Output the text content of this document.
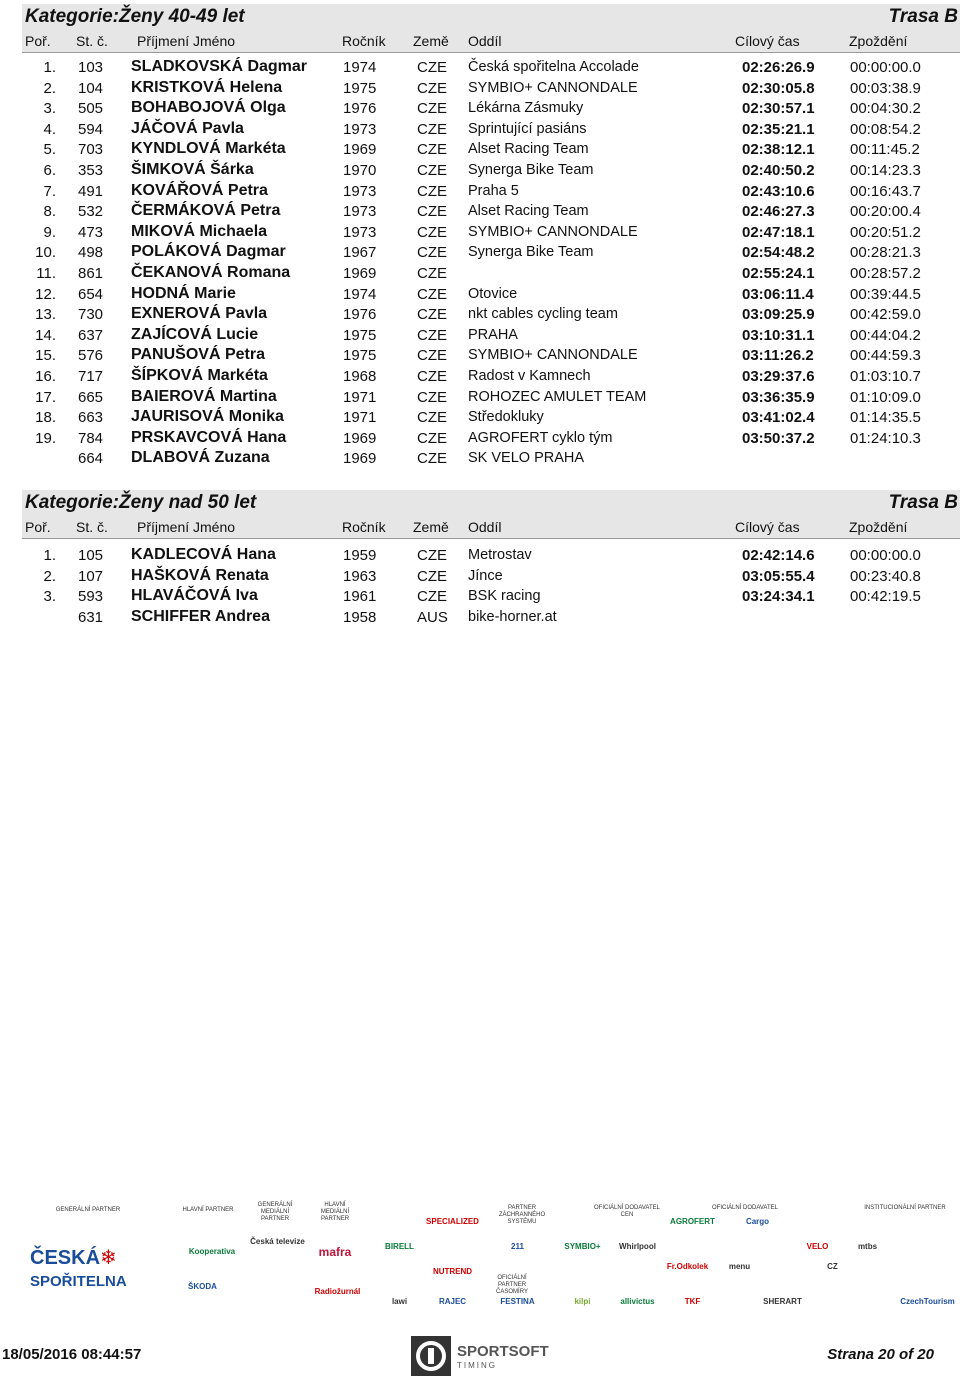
Kategorie:Ženy 40-49 let	Trasa B
Poř. St. č. Příjmení Jméno	Ročník Země Oddíl	Cílový čas	Zpoždění
1. 103 SLADKOVSKÁ Dagmar 1974	CZE Česká spořitelna Accolade	02:26:26.9 00:00:00.0
2. 104 KRISTKOVÁ Helena	1975	CZE SYMBIO+ CANNONDALE	02:30:05.8 00:03:38.9
3. 505 BOHABOJOVÁ Olga	1976	CZE Lékárna Zásmuky	02:30:57.1 00:04:30.2
4. 594 JÁČOVÁ Pavla	1973	CZE Sprintující pasiáns	02:35:21.1 00:08:54.2
5. 703 KYNDLOVÁ Markéta	1969	CZE Alset Racing Team	02:38:12.1 00:11:45.2
6. 353 ŠIMKOVÁ Šárka	1970	CZE Synerga Bike Team	02:40:50.2 00:14:23.3
7. 491 KOVÁŘOVÁ Petra	1973	CZE Praha 5	02:43:10.6 00:16:43.7
8. 532 ČERMÁKOVÁ Petra	1973	CZE Alset Racing Team	02:46:27.3 00:20:00.4
9. 473 MIKOVÁ Michaela	1973	CZE SYMBIO+ CANNONDALE	02:47:18.1 00:20:51.2
10. 498 POLÁKOVÁ Dagmar	1967	CZE Synerga Bike Team	02:54:48.2 00:28:21.3
11. 861 ČEKANOVÁ Romana	1969	CZE	02:55:24.1 00:28:57.2
12. 654 HODNÁ Marie	1974	CZE Otovice	03:06:11.4 00:39:44.5
13. 730 EXNEROVÁ Pavla	1976	CZE nkt cables cycling team	03:09:25.9 00:42:59.0
14. 637 ZAJÍCOVÁ Lucie	1975	CZE PRAHA	03:10:31.1 00:44:04.2
15. 576 PANUŠOVÁ Petra	1975	CZE SYMBIO+ CANNONDALE	03:11:26.2 00:44:59.3
16. 717 ŠÍPKOVÁ Markéta	1968	CZE Radost v Kamnech	03:29:37.6 01:03:10.7
17. 665 BAIEROVÁ Martina	1971	CZE ROHOZEC AMULET TEAM	03:36:35.9 01:10:09.0
18. 663 JAURISOVÁ Monika	1971	CZE Středokluky	03:41:02.4 01:14:35.5
19. 784 PRSKAVCOVÁ Hana	1969	CZE AGROFERT cyklo tým	03:50:37.2 01:24:10.3
664 DLABOVÁ Zuzana	1969	CZE SK VELO PRAHA
Kategorie:Ženy nad 50 let	Trasa B
Poř. St. č. Příjmení Jméno	Ročník Země Oddíl	Cílový čas	Zpoždění
1. 105 KADLECOVÁ Hana	1959	CZE Metrostav	02:42:14.6 00:00:00.0
2. 107 HAŠKOVÁ Renata	1963	CZE Jínce	03:05:55.4 00:23:40.8
3. 593 HLAVÁČOVÁ Iva	1961	CZE BSK racing	03:24:34.1 00:42:19.5
631 SCHIFFER Andrea	1958	AUS bike-horner.at
GENERÁLNÍ PARTNER
ČESKÁ❄
SPOŘITELNA
HLAVNÍ PARTNER
Kooperativa
GENERÁLNÍ MEDIÁLNÍ PARTNER
HLAVNÍ MEDIÁLNÍ PARTNER
mafra
PARTNER ZÁCHRANNÉHO SYSTÉMU
OFICIÁLNÍ DODAVATEL CEN
OFICIÁLNÍ DODAVATEL
OFICIÁLNÍ PARTNER ČASOMÍRY
INSTITUCIONÁLNÍ PARTNER
ŠKODA
Česká televize
Radiožurnál
lawi	RAJEC	FESTINA
BIRELL
SPECIALIZED
NUTREND
SYMBIO+	Whirlpool
kilpi	allivictus
AGROFERT	Cargo
Fr.Odkolek
TKF
menu
SHERART
VELO	mtbs
CzechTourism
211
CZ
18/05/2016 08:44:57	SPORTSOFT
TIMING
Strana 20 of 20
